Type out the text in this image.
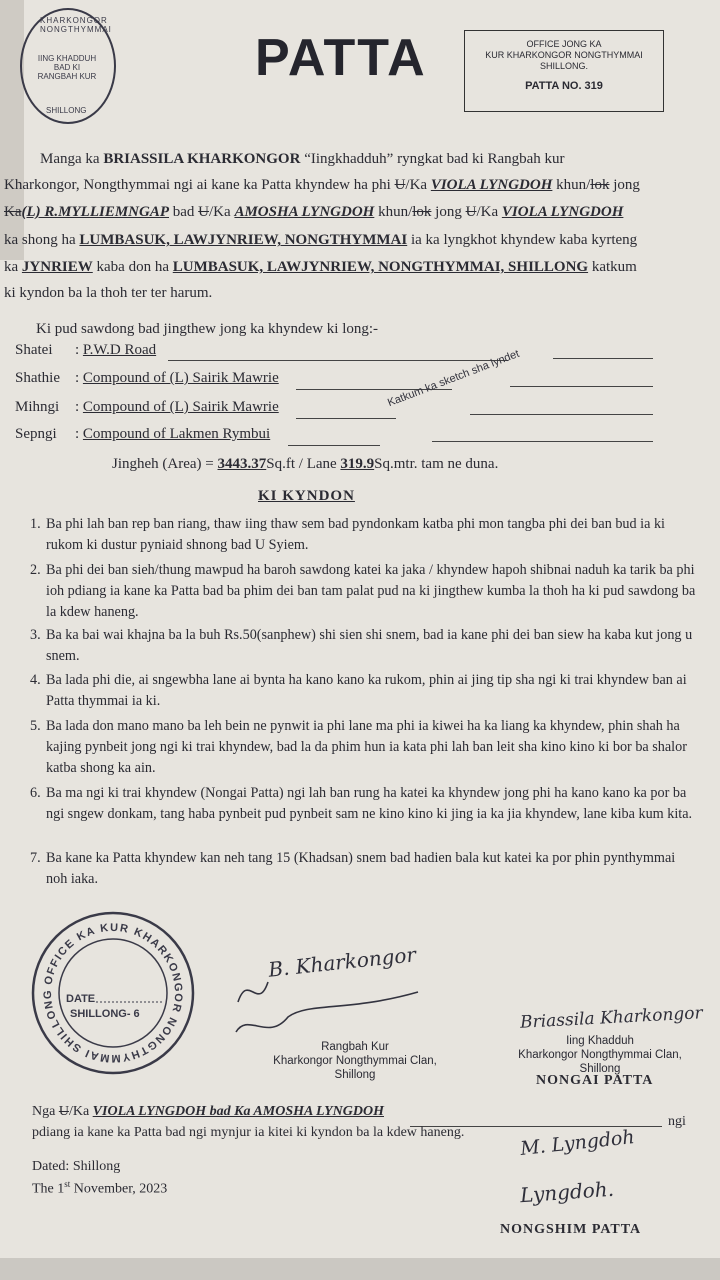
KHARKONGOR NONGTHYMMAI
IING KHADDUH
BAD KI
RANGBAH KUR
SHILLONG
PATTA	OFFICE JONG KA
KUR KHARKONGOR NONGTHYMMAI
SHILLONG.
PATTA NO. 319
Manga ka BRIASSILA KHARKONGOR “Iingkhadduh” ryngkat bad ki Rangbah kur
Kharkongor, Nongthymmai ngi ai kane ka Patta khyndew ha phi U/Ka VIOLA LYNGDOH khun/lok jong
Ka(L) R.MYLLIEMNGAP bad U/Ka AMOSHA LYNGDOH khun/lok jong U/Ka VIOLA LYNGDOH
ka shong ha LUMBASUK, LAWJYNRIEW, NONGTHYMMAI ia ka lyngkhot khyndew kaba kyrteng
ka JYNRIEW kaba don ha LUMBASUK, LAWJYNRIEW, NONGTHYMMAI, SHILLONG katkum
ki kyndon ba la thoh ter ter harum.
Ki pud sawdong bad jingthew jong ka khyndew ki long:-
Shatei : P.W.D Road
Shathie : Compound of (L) Sairik Mawrie
Mihngi : Compound of (L) Sairik Mawrie
Sepngi : Compound of Lakmen Rymbui
Katkum ka sketch sha lyndet
Jingheh (Area) = 3443.37Sq.ft / Lane 319.9Sq.mtr. tam ne duna.
KI KYNDON
1. Ba phi lah ban rep ban riang, thaw iing thaw sem bad pyndonkam katba phi mon tangba phi dei ban bud ia ki rukom ki dustur pyniaid shnong bad U Syiem.
2. Ba phi dei ban sieh/thung mawpud ha baroh sawdong katei ka jaka / khyndew hapoh shibnai naduh ka tarik ba phi ioh pdiang ia kane ka Patta bad ba phim dei ban tam palat pud na ki jingthew kumba la thoh ha ki pud sawdong ba la kdew haneng.
3. Ba ka bai wai khajna ba la buh Rs.50(sanphew) shi sien shi snem, bad ia kane phi dei ban siew ha kaba kut jong u snem.
4. Ba lada phi die, ai sngewbha lane ai bynta ha kano kano ka rukom, phin ai jing tip sha ngi ki trai khyndew ban ai Patta thymmai ia ki.
5. Ba lada don mano mano ba leh bein ne pynwit ia phi lane ma phi ia kiwei ha ka liang ka khyndew, phin shah ha kajing pynbeit jong ngi ki trai khyndew, bad la da phim hun ia kata phi lah ban leit sha kino kino ki bor ba shalor katba shong ka ain.
6. Ba ma ngi ki trai khyndew (Nongai Patta) ngi lah ban rung ha katei ka khyndew jong phi ha kano kano ka por ba ngi sngew donkam, tang haba pynbeit pud pynbeit sam ne kino kino ki jing ia ka jia khyndew, lane kiba kum kita.
7. Ba kane ka Patta khyndew kan neh tang 15 (Khadsan) snem bad hadien bala kut katei ka por phin pynthymmai noh iaka.
OFFICE KA KUR KHARKONGOR NONGTHYMMAI SHILLONG	DATE
SHILLONG- 6
B. Kharkongor
Rangbah Kur
Kharkongor Nongthymmai Clan,
Shillong
Briassila Kharkongor
Iing Khadduh
Kharkongor Nongthymmai Clan,
Shillong
NONGAI PATTA
Nga U/Ka VIOLA LYNGDOH bad Ka AMOSHA LYNGDOH
ngi
pdiang ia kane ka Patta bad ngi mynjur ia kitei ki kyndon ba la kdew haneng.
Dated: Shillong
The 1st November, 2023
M. Lyngdoh
Lyngdoh.
NONGSHIM PATTA
